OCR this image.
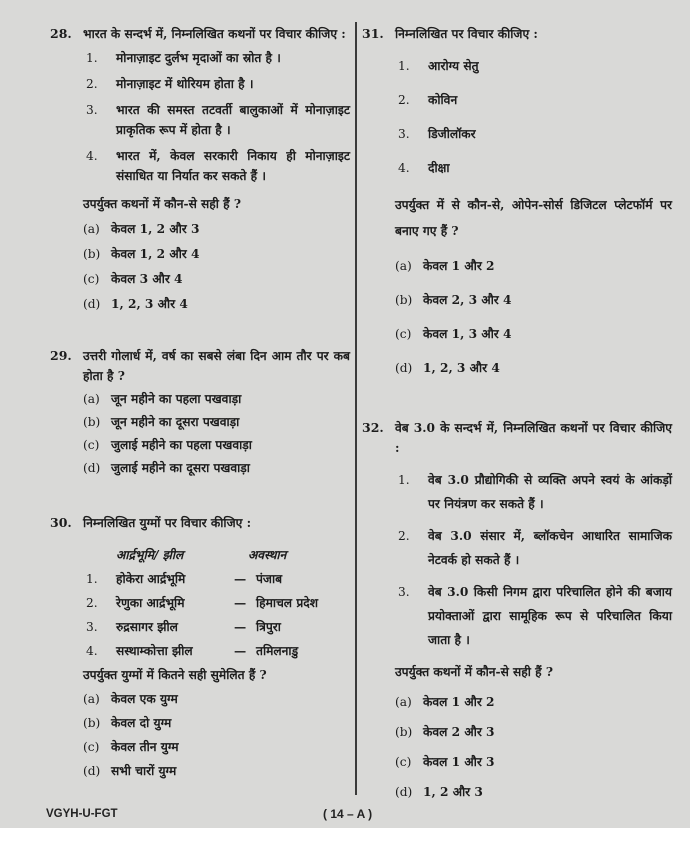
28. भारत के सन्दर्भ में, निम्नलिखित कथनों पर विचार कीजिए :
1. मोनाज़ाइट दुर्लभ मृदाओं का स्रोत है ।
2. मोनाज़ाइट में थोरियम होता है ।
3. भारत की समस्त तटवर्ती बालुकाओं में मोनाज़ाइट प्राकृतिक रूप में होता है ।
4. भारत में, केवल सरकारी निकाय ही मोनाज़ाइट संसाधित या निर्यात कर सकते हैं ।
उपर्युक्त कथनों में कौन-से सही हैं ?
(a) केवल 1, 2 और 3
(b) केवल 1, 2 और 4
(c) केवल 3 और 4
(d) 1, 2, 3 और 4
29. उत्तरी गोलार्ध में, वर्ष का सबसे लंबा दिन आम तौर पर कब होता है ?
(a) जून महीने का पहला पखवाड़ा
(b) जून महीने का दूसरा पखवाड़ा
(c) जुलाई महीने का पहला पखवाड़ा
(d) जुलाई महीने का दूसरा पखवाड़ा
30. निम्नलिखित युग्मों पर विचार कीजिए :
आर्द्रभूमि/ झील	अवस्थान
1. होकेरा आर्द्रभूमि	— पंजाब
2. रेणुका आर्द्रभूमि	— हिमाचल प्रदेश
3. रुद्रसागर झील	— त्रिपुरा
4. सस्थाम्कोत्ता झील	— तमिलनाडु
उपर्युक्त युग्मों में कितने सही सुमेलित हैं ?
(a) केवल एक युग्म
(b) केवल दो युग्म
(c) केवल तीन युग्म
(d) सभी चारों युग्म
31. निम्नलिखित पर विचार कीजिए :
1. आरोग्य सेतु
2. कोविन
3. डिजीलॉकर
4. दीक्षा
उपर्युक्त में से कौन-से, ओपेन-सोर्स डिजिटल प्लेटफॉर्म पर बनाए गए हैं ?
(a) केवल 1 और 2
(b) केवल 2, 3 और 4
(c) केवल 1, 3 और 4
(d) 1, 2, 3 और 4
32. वेब 3.0 के सन्दर्भ में, निम्नलिखित कथनों पर विचार कीजिए :
1. वेब 3.0 प्रौद्योगिकी से व्यक्ति अपने स्वयं के आंकड़ों पर नियंत्रण कर सकते हैं ।
2. वेब 3.0 संसार में, ब्लॉकचेन आधारित सामाजिक नेटवर्क हो सकते हैं ।
3. वेब 3.0 किसी निगम द्वारा परिचालित होने की बजाय प्रयोक्ताओं द्वारा सामूहिक रूप से परिचालित किया जाता है ।
उपर्युक्त कथनों में कौन-से सही हैं ?
(a) केवल 1 और 2
(b) केवल 2 और 3
(c) केवल 1 और 3
(d) 1, 2 और 3
VGYH-U-FGT	( 14 – A )
